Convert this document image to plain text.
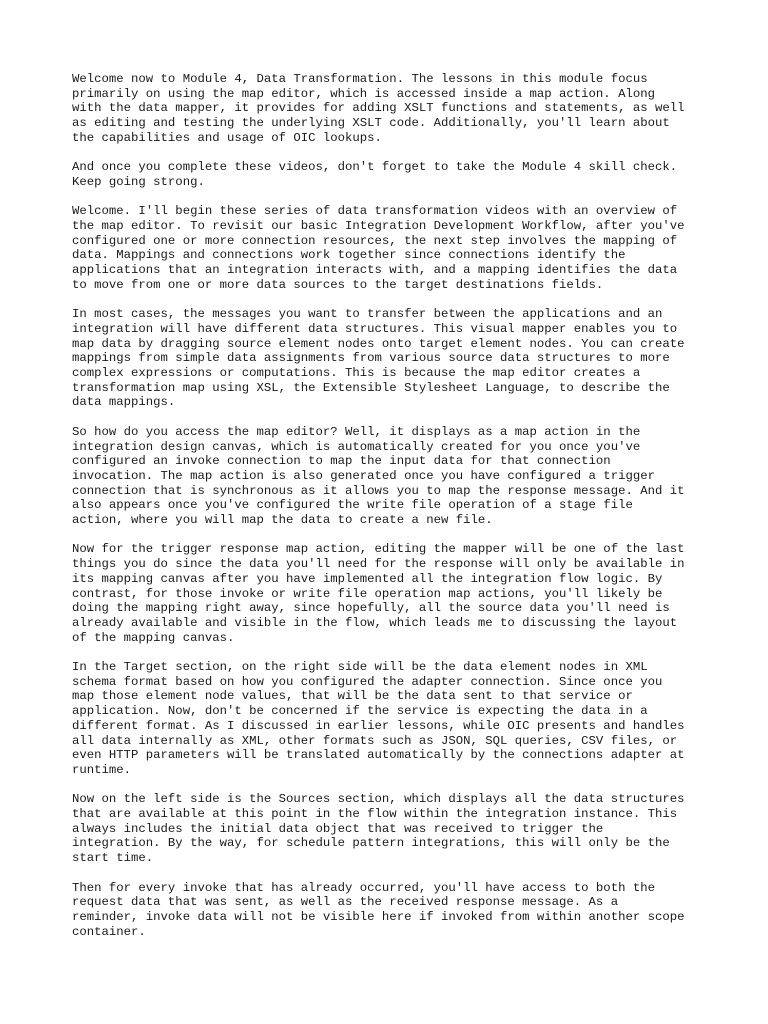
Welcome now to Module 4, Data Transformation. The lessons in this module focus
primarily on using the map editor, which is accessed inside a map action. Along
with the data mapper, it provides for adding XSLT functions and statements, as well
as editing and testing the underlying XSLT code. Additionally, you'll learn about
the capabilities and usage of OIC lookups.

And once you complete these videos, don't forget to take the Module 4 skill check.
Keep going strong.

Welcome. I'll begin these series of data transformation videos with an overview of
the map editor. To revisit our basic Integration Development Workflow, after you've
configured one or more connection resources, the next step involves the mapping of
data. Mappings and connections work together since connections identify the
applications that an integration interacts with, and a mapping identifies the data
to move from one or more data sources to the target destinations fields.

In most cases, the messages you want to transfer between the applications and an
integration will have different data structures. This visual mapper enables you to
map data by dragging source element nodes onto target element nodes. You can create
mappings from simple data assignments from various source data structures to more
complex expressions or computations. This is because the map editor creates a
transformation map using XSL, the Extensible Stylesheet Language, to describe the
data mappings.

So how do you access the map editor? Well, it displays as a map action in the
integration design canvas, which is automatically created for you once you've
configured an invoke connection to map the input data for that connection
invocation. The map action is also generated once you have configured a trigger
connection that is synchronous as it allows you to map the response message. And it
also appears once you've configured the write file operation of a stage file
action, where you will map the data to create a new file.

Now for the trigger response map action, editing the mapper will be one of the last
things you do since the data you'll need for the response will only be available in
its mapping canvas after you have implemented all the integration flow logic. By
contrast, for those invoke or write file operation map actions, you'll likely be
doing the mapping right away, since hopefully, all the source data you'll need is
already available and visible in the flow, which leads me to discussing the layout
of the mapping canvas.

In the Target section, on the right side will be the data element nodes in XML
schema format based on how you configured the adapter connection. Since once you
map those element node values, that will be the data sent to that service or
application. Now, don't be concerned if the service is expecting the data in a
different format. As I discussed in earlier lessons, while OIC presents and handles
all data internally as XML, other formats such as JSON, SQL queries, CSV files, or
even HTTP parameters will be translated automatically by the connections adapter at
runtime.

Now on the left side is the Sources section, which displays all the data structures
that are available at this point in the flow within the integration instance. This
always includes the initial data object that was received to trigger the
integration. By the way, for schedule pattern integrations, this will only be the
start time.

Then for every invoke that has already occurred, you'll have access to both the
request data that was sent, as well as the received response message. As a
reminder, invoke data will not be visible here if invoked from within another scope
container.
